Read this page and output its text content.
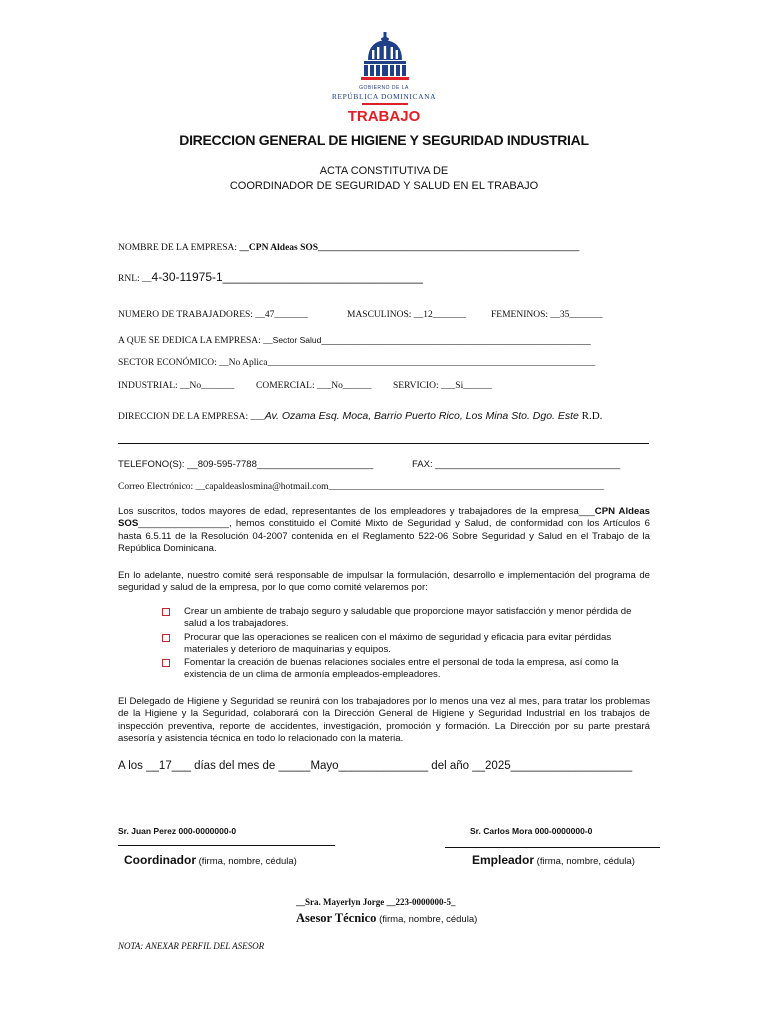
GOBIERNO DE LA
REPÚBLICA DOMINICANA
TRABAJO
DIRECCION GENERAL DE HIGIENE Y SEGURIDAD INDUSTRIAL
ACTA CONSTITUTIVA DE
COORDINADOR DE SEGURIDAD Y SALUD EN EL TRABAJO
NOMBRE DE LA EMPRESA: __CPN Aldeas SOS_______________________________________________________
RNL: __4-30-11975-1______________________________
NUMERO DE TRABAJADORES: __47_______	MASCULINOS: __12_______	FEMENINOS: __35_______
A QUE SE DEDICA LA EMPRESA: __Sector Salud_________________________________________________________
SECTOR ECONÓMICO: __No Aplica_____________________________________________________________________
INDUSTRIAL: __No_______ COMERCIAL: ___No______ SERVICIO: ___Si______
DIRECCION DE LA EMPRESA: ___Av. Ozama Esq. Moca, Barrio Puerto Rico, Los Mina Sto. Dgo. Este R.D.
TELEFONO(S): __809-595-7788______________________	FAX: ___________________________________
Correo Electrónico: __capaldeaslosmina@hotmail.com__________________________________________________________
Los suscritos, todos mayores de edad, representantes de los empleadores y trabajadores de la empresa___CPN Aldeas SOS_________________, hemos constituido el Comité Mixto de Seguridad y Salud, de conformidad con los Artículos 6 hasta 6.5.11 de la Resolución 04-2007 contenida en el Reglamento 522-06 Sobre Seguridad y Salud en el Trabajo de la República Dominicana.
En lo adelante, nuestro comité será responsable de impulsar la formulación, desarrollo e implementación del programa de seguridad y salud de la empresa, por lo que como comité velaremos por:
Crear un ambiente de trabajo seguro y saludable que proporcione mayor satisfacción y menor pérdida de salud a los trabajadores.
Procurar que las operaciones se realicen con el máximo de seguridad y eficacia para evitar pérdidas materiales y deterioro de maquinarias y equipos.
Fomentar la creación de buenas relaciones sociales entre el personal de toda la empresa, así como la existencia de un clima de armonía empleados-empleadores.
El Delegado de Higiene y Seguridad se reunirá con los trabajadores por lo menos una vez al mes, para tratar los problemas de la Higiene y la Seguridad, colaborará con la Dirección General de Higiene y Seguridad Industrial en los trabajos de inspección preventiva, reporte de accidentes, investigación, promoción y formación. La Dirección por su parte prestará asesoría y asistencia técnica en todo lo relacionado con la materia.
A los __17___ días del mes de _____Mayo______________ del año __2025___________________
Sr. Juan Perez 000-0000000-0
Coordinador (firma, nombre, cédula)
Sr. Carlos Mora 000-0000000-0
Empleador (firma, nombre, cédula)
__Sra. Mayerlyn Jorge __223-0000000-5_
Asesor Técnico (firma, nombre, cédula)
NOTA: ANEXAR PERFIL DEL ASESOR
